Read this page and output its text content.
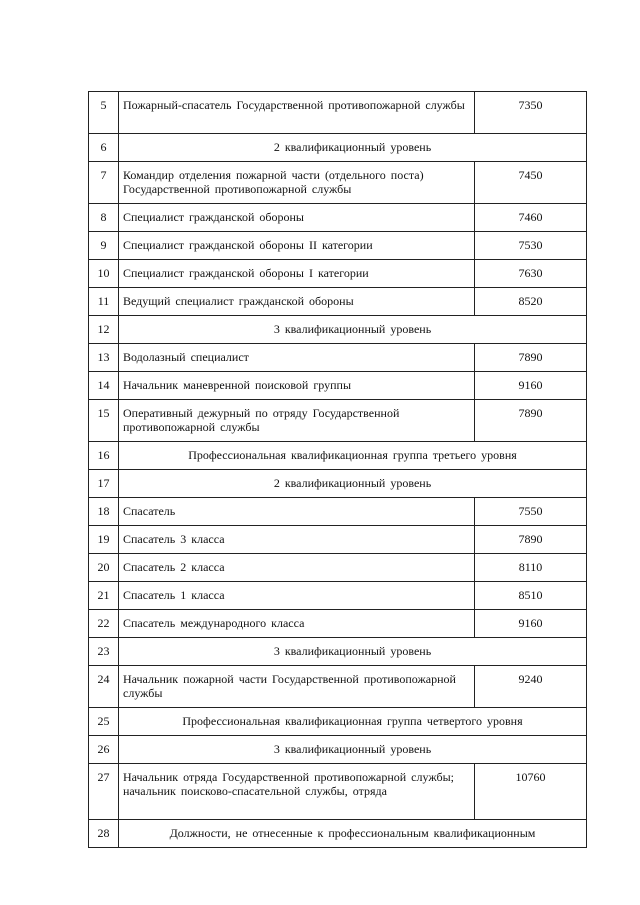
5	Пожарный-спасатель Государственной противопожарной службы	7350
6	2 квалификационный уровень	
7	Командир отделения пожарной части (отдельного поста) Государственной противопожарной службы	7450
8	Специалист гражданской обороны	7460
9	Специалист гражданской обороны II категории	7530
10	Специалист гражданской обороны I категории	7630
11	Ведущий специалист гражданской обороны	8520
12	3 квалификационный уровень	
13	Водолазный специалист	7890
14	Начальник маневренной поисковой группы	9160
15	Оперативный дежурный по отряду Государственной противопожарной службы	7890
16	Профессиональная квалификационная группа третьего уровня	
17	2 квалификационный уровень	
18	Спасатель	7550
19	Спасатель 3 класса	7890
20	Спасатель 2 класса	8110
21	Спасатель 1 класса	8510
22	Спасатель международного класса	9160
23	3 квалификационный уровень	
24	Начальник пожарной части Государственной противопожарной службы	9240
25	Профессиональная квалификационная группа четвертого уровня	
26	3 квалификационный уровень	
27	Начальник отряда Государственной противопожарной службы; начальник поисково-спасательной службы, отряда	10760
28	Должности, не отнесенные к профессиональным квалификационным	
